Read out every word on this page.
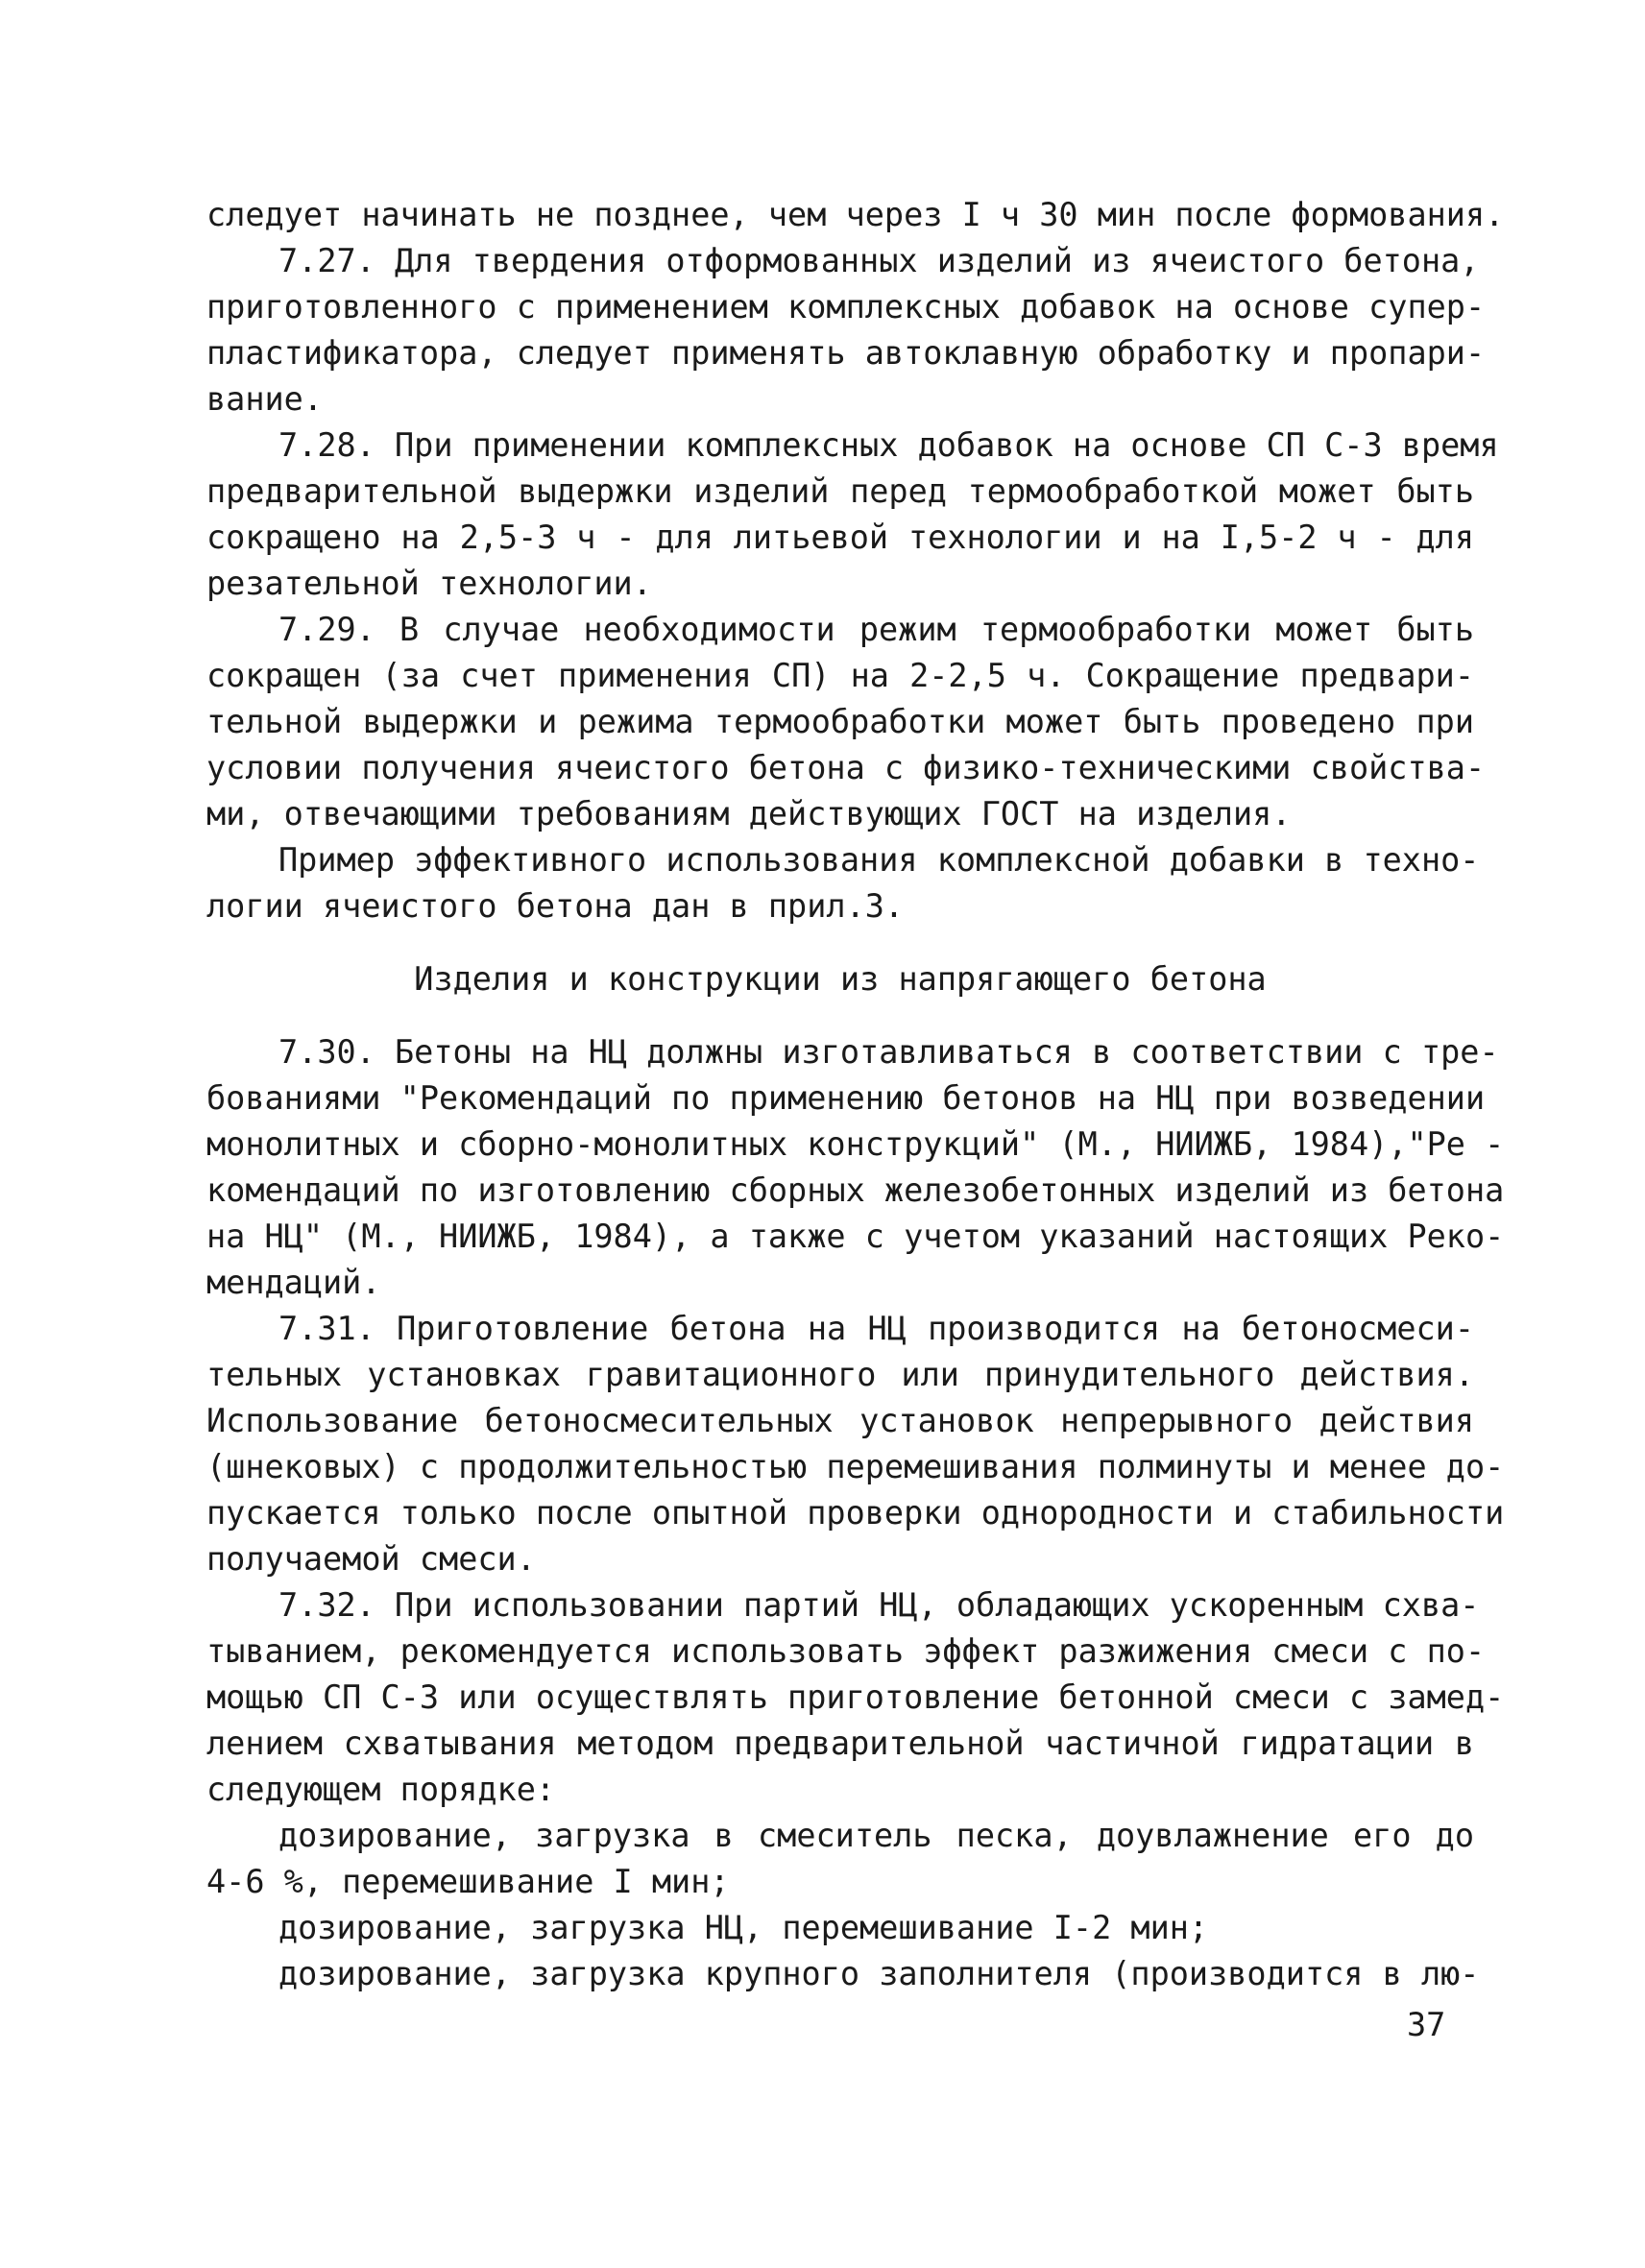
следует начинать не позднее, чем через I ч 30 мин после формования.
7.27. Для твердения отформованных изделий из ячеистого бетона,
приготовленного с применением комплексных добавок на основе супер-
пластификатора, следует применять автоклавную обработку и пропари-
вание.
7.28. При применении комплексных добавок на основе СП С-3 время
предварительной выдержки изделий перед термообработкой может быть
сокращено на 2,5-3 ч - для литьевой технологии и на I,5-2 ч - для
резательной технологии.
7.29. В случае необходимости режим термообработки может быть
сокращен (за счет применения СП) на 2-2,5 ч. Сокращение предвари-
тельной выдержки и режима термообработки может быть проведено при
условии получения ячеистого бетона с физико-техническими свойства-
ми, отвечающими требованиям действующих ГОСТ на изделия.
Пример эффективного использования комплексной добавки в техно-
логии ячеистого бетона дан в прил.3.
Изделия и конструкции из напрягающего бетона
7.30. Бетоны на НЦ должны изготавливаться в соответствии с тре-
бованиями "Рекомендаций по применению бетонов на НЦ при возведении
монолитных и сборно-монолитных конструкций" (М., НИИЖБ, 1984),"Ре -
комендаций по изготовлению сборных железобетонных изделий из бетона
на НЦ" (М., НИИЖБ, 1984), а также с учетом указаний настоящих Реко-
мендаций.
7.31. Приготовление бетона на НЦ производится на бетоносмеси-
тельных установках гравитационного или принудительного действия.
Использование бетоносмесительных установок непрерывного действия
(шнековых) с продолжительностью перемешивания полминуты и менее до-
пускается только после опытной проверки однородности и стабильности
получаемой смеси.
7.32. При использовании партий НЦ, обладающих ускоренным схва-
тыванием, рекомендуется использовать эффект разжижения смеси с по-
мощью СП С-3 или осуществлять приготовление бетонной смеси с замед-
лением схватывания методом предварительной частичной гидратации в
следующем порядке:
дозирование, загрузка в смеситель песка, доувлажнение его до
4-6 %, перемешивание I мин;
дозирование, загрузка НЦ, перемешивание I-2 мин;
дозирование, загрузка крупного заполнителя (производится в лю-
37
